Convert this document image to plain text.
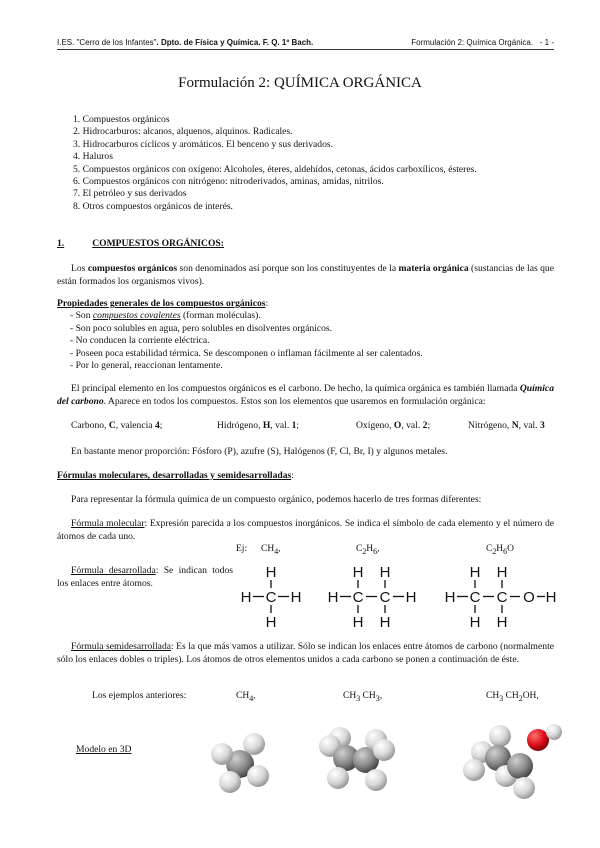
I.ES. "Cerro de los Infantes". Dpto. de Física y Química. F. Q. 1º Bach.	Formulación 2: Química Orgánica. - 1 -
Formulación 2: QUÍMICA ORGÁNICA
1. Compuestos orgánicos
2. Hidrocarburos: alcanos, alquenos, alquinos. Radicales.
3. Hidrocarburos cíclicos y aromáticos. El benceno y sus derivados.
4. Haluros
5. Compuestos orgánicos con oxígeno: Alcoholes, éteres, aldehídos, cetonas, ácidos carboxílicos, ésteres.
6. Compuestos orgánicos con nitrógeno: nitroderivados, aminas, amidas, nitrilos.
7. El petróleo y sus derivados
8. Otros compuestos orgánicos de interés.
1.	COMPUESTOS ORGÁNICOS:
Los compuestos orgánicos son denominados así porque son los constituyentes de la materia orgánica (sustancias de las que están formados los organismos vivos).
Propiedades generales de los compuestos orgánicos:
- Son compuestos covalentes (forman moléculas).
- Son poco solubles en agua, pero solubles en disolventes orgánicos.
- No conducen la corriente eléctrica.
- Poseen poca estabilidad térmica. Se descomponen o inflaman fácilmente al ser calentados.
- Por lo general, reaccionan lentamente.
El principal elemento en los compuestos orgánicos es el carbono. De hecho, la química orgánica es también llamada Química del carbono. Aparece en todos los compuestos. Estos son los elementos que usaremos en formulación orgánica:
Carbono, C, valencia 4;	Hidrógeno, H, val. 1;	Oxígeno, O, val. 2;	Nitrógeno, N, val. 3
En bastante menor proporción: Fósforo (P), azufre (S), Halógenos (F, Cl, Br, I) y algunos metales.
Fórmulas moleculares, desarrolladas y semidesarrolladas:
Para representar la fórmula química de un compuesto orgánico, podemos hacerlo de tres formas diferentes:
Fórmula molecular: Expresión parecida a los compuestos inorgánicos. Se indica el símbolo de cada elemento y el número de átomos de cada uno.
Ej: $CH_4$,	$C_2H_6$,	$C_2H_6O$
Fórmula desarrollada: Se indican todos los enlaces entre átomos.
H
C
H
H	H
H H
H C C H
H H
H H
H C C O H
H H
Fórmula semidesarrollada: Es la que más vamos a utilizar. Sólo se indican los enlaces entre átomos de carbono (normalmente sólo los enlaces dobles o triples). Los átomos de otros elementos unidos a cada carbono se ponen a continuación de éste.
Los ejemplos anteriores:	$CH_4$,	$CH_3$ $CH_3$,	$CH_3$ $CH_2OH$,
Modelo en 3D
